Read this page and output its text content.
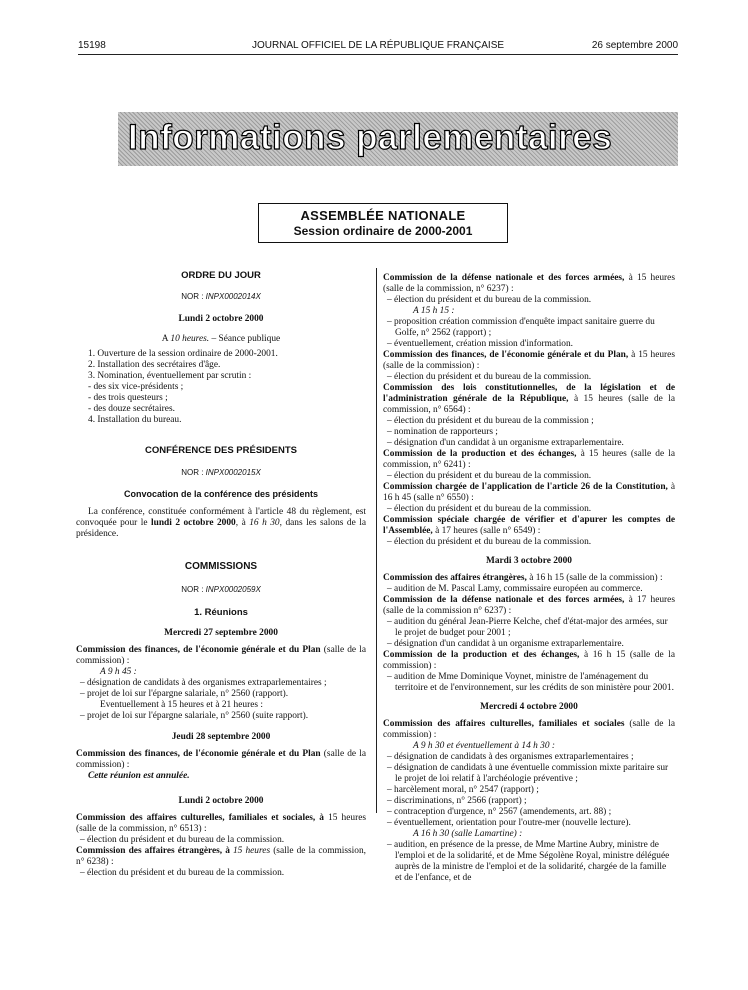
15198	JOURNAL OFFICIEL DE LA RÉPUBLIQUE FRANÇAISE	26 septembre 2000
Informations parlementaires
ASSEMBLÉE NATIONALE
Session ordinaire de 2000-2001
ORDRE DU JOUR
NOR : INPX0002014X
Lundi 2 octobre 2000
A 10 heures. – Séance publique
1. Ouverture de la session ordinaire de 2000-2001.
2. Installation des secrétaires d'âge.
3. Nomination, éventuellement par scrutin :
- des six vice-présidents ;
- des trois questeurs ;
- des douze secrétaires.
4. Installation du bureau.
CONFÉRENCE DES PRÉSIDENTS
NOR : INPX0002015X
Convocation de la conférence des présidents
La conférence, constituée conformément à l'article 48 du règlement, est convoquée pour le lundi 2 octobre 2000, à 16 h 30, dans les salons de la présidence.
COMMISSIONS
NOR : INPX0002059X
1. Réunions
Mercredi 27 septembre 2000
Commission des finances, de l'économie générale et du Plan (salle de la commission) :
A 9 h 45 :
– désignation de candidats à des organismes extraparlementaires ;
– projet de loi sur l'épargne salariale, n° 2560 (rapport).
Eventuellement à 15 heures et à 21 heures :
– projet de loi sur l'épargne salariale, n° 2560 (suite rapport).
Jeudi 28 septembre 2000
Commission des finances, de l'économie générale et du Plan (salle de la commission) :
Cette réunion est annulée.
Lundi 2 octobre 2000
Commission des affaires culturelles, familiales et sociales, à 15 heures (salle de la commission, n° 6513) :
– élection du président et du bureau de la commission.
Commission des affaires étrangères, à 15 heures (salle de la commission, n° 6238) :
– élection du président et du bureau de la commission.
Commission de la défense nationale et des forces armées, à 15 heures (salle de la commission, n° 6237) :
– élection du président et du bureau de la commission.
A 15 h 15 :
– proposition création commission d'enquête impact sanitaire guerre du Golfe, n° 2562 (rapport) ;
– éventuellement, création mission d'information.
Commission des finances, de l'économie générale et du Plan, à 15 heures (salle de la commission) :
– élection du président et du bureau de la commission.
Commission des lois constitutionnelles, de la législation et de l'administration générale de la République, à 15 heures (salle de la commission, n° 6564) :
– élection du président et du bureau de la commission ;
– nomination de rapporteurs ;
– désignation d'un candidat à un organisme extraparlementaire.
Commission de la production et des échanges, à 15 heures (salle de la commission, n° 6241) :
– élection du président et du bureau de la commission.
Commission chargée de l'application de l'article 26 de la Constitution, à 16 h 45 (salle n° 6550) :
– élection du président et du bureau de la commission.
Commission spéciale chargée de vérifier et d'apurer les comptes de l'Assemblée, à 17 heures (salle n° 6549) :
– élection du président et du bureau de la commission.
Mardi 3 octobre 2000
Commission des affaires étrangères, à 16 h 15 (salle de la commission) :
– audition de M. Pascal Lamy, commissaire européen au commerce.
Commission de la défense nationale et des forces armées, à 17 heures (salle de la commission n° 6237) :
– audition du général Jean-Pierre Kelche, chef d'état-major des armées, sur le projet de budget pour 2001 ;
– désignation d'un candidat à un organisme extraparlementaire.
Commission de la production et des échanges, à 16 h 15 (salle de la commission) :
– audition de Mme Dominique Voynet, ministre de l'aménagement du territoire et de l'environnement, sur les crédits de son ministère pour 2001.
Mercredi 4 octobre 2000
Commission des affaires culturelles, familiales et sociales (salle de la commission) :
A 9 h 30 et éventuellement à 14 h 30 :
– désignation de candidats à des organismes extraparlementaires ;
– désignation de candidats à une éventuelle commission mixte paritaire sur le projet de loi relatif à l'archéologie préventive ;
– harcèlement moral, n° 2547 (rapport) ;
– discriminations, n° 2566 (rapport) ;
– contraception d'urgence, n° 2567 (amendements, art. 88) ;
– éventuellement, orientation pour l'outre-mer (nouvelle lecture).
A 16 h 30 (salle Lamartine) :
– audition, en présence de la presse, de Mme Martine Aubry, ministre de l'emploi et de la solidarité, et de Mme Ségolène Royal, ministre déléguée auprès de la ministre de l'emploi et de la solidarité, chargée de la famille et de l'enfance, et de
